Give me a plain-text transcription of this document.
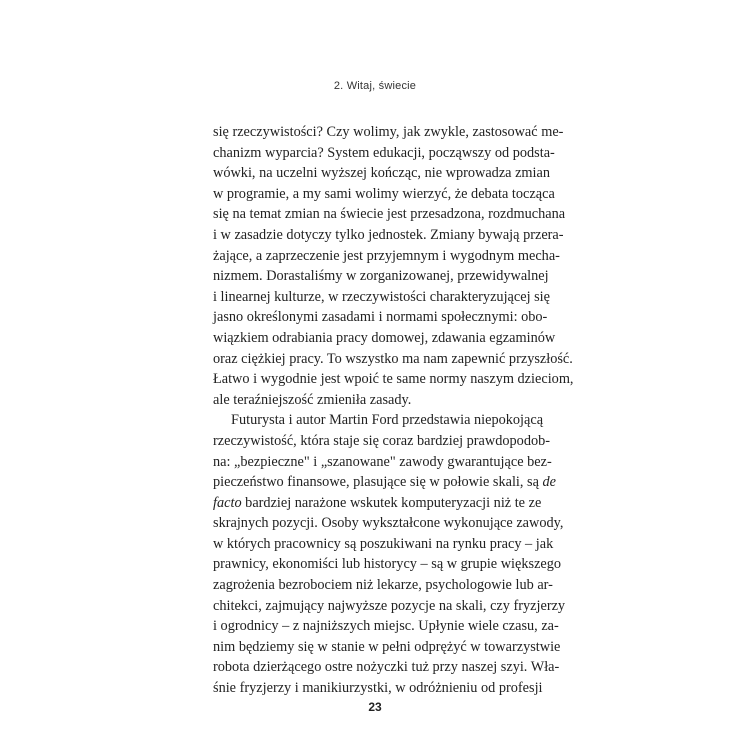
2. Witaj, świecie
się rzeczywistości? Czy wolimy, jak zwykle, zastosować me-
chanizm wyparcia? System edukacji, począwszy od podsta-
wówki, na uczelni wyższej kończąc, nie wprowadza zmian
w programie, a my sami wolimy wierzyć, że debata tocząca
się na temat zmian na świecie jest przesadzona, rozdmuchana
i w zasadzie dotyczy tylko jednostek. Zmiany bywają przera-
żające, a zaprzeczenie jest przyjemnym i wygodnym mecha-
nizmem. Dorastaliśmy w zorganizowanej, przewidywalnej
i linearnej kulturze, w rzeczywistości charakteryzującej się
jasno określonymi zasadami i normami społecznymi: obo-
wiązkiem odrabiania pracy domowej, zdawania egzaminów
oraz ciężkiej pracy. To wszystko ma nam zapewnić przyszłość.
Łatwo i wygodnie jest wpoić te same normy naszym dzieciom,
ale teraźniejszość zmieniła zasady.
Futurysta i autor Martin Ford przedstawia niepokojącą
rzeczywistość, która staje się coraz bardziej prawdopodob-
na: „bezpieczne" i „szanowane" zawody gwarantujące bez-
pieczeństwo finansowe, plasujące się w połowie skali, są de
facto bardziej narażone wskutek komputeryzacji niż te ze
skrajnych pozycji. Osoby wykształcone wykonujące zawody,
w których pracownicy są poszukiwani na rynku pracy – jak
prawnicy, ekonomiści lub historycy – są w grupie większego
zagrożenia bezrobociem niż lekarze, psychologowie lub ar-
chitekci, zajmujący najwyższe pozycje na skali, czy fryzjerzy
i ogrodnicy – z najniższych miejsc. Upłynie wiele czasu, za-
nim będziemy się w stanie w pełni odprężyć w towarzystwie
robota dzierżącego ostre nożyczki tuż przy naszej szyi. Wła-
śnie fryzjerzy i manikiurzystki, w odróżnieniu od profesji
23
